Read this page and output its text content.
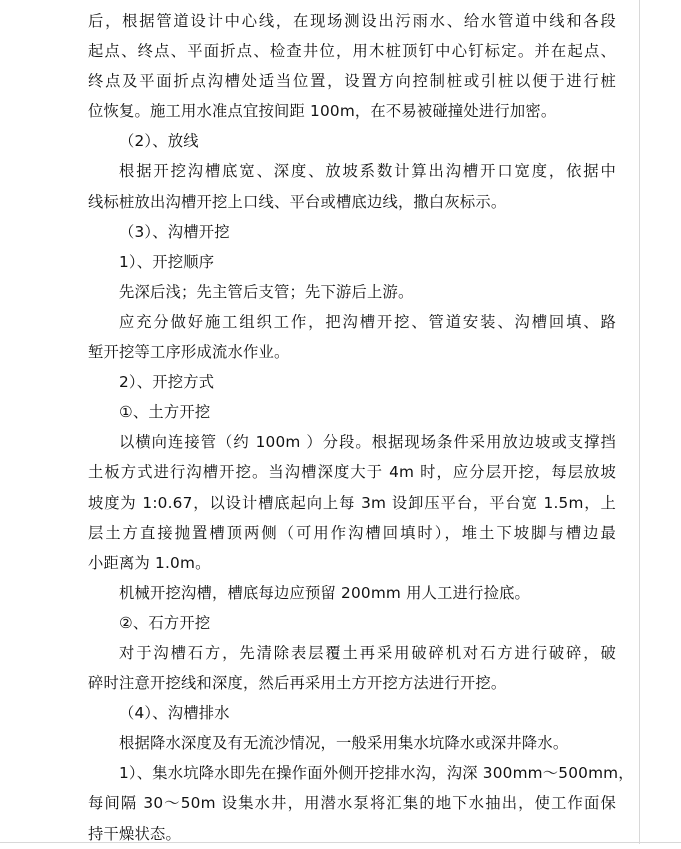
后，根据管道设计中心线，在现场测设出污雨水、给水管道中线和各段
起点、终点、平面折点、检查井位，用木桩顶钉中心钉标定。并在起点、
终点及平面折点沟槽处适当位置，设置方向控制桩或引桩以便于进行桩
位恢复。施工用水准点宜按间距 100m，在不易被碰撞处进行加密。
（2）、放线
根据开挖沟槽底宽、深度、放坡系数计算出沟槽开口宽度，依据中
线标桩放出沟槽开挖上口线、平台或槽底边线，撒白灰标示。
（3）、沟槽开挖
1）、开挖顺序
先深后浅；先主管后支管；先下游后上游。
应充分做好施工组织工作，把沟槽开挖、管道安装、沟槽回填、路
堑开挖等工序形成流水作业。
2）、开挖方式
①、土方开挖
以横向连接管（约 100m ）分段。根据现场条件采用放边坡或支撑挡
土板方式进行沟槽开挖。当沟槽深度大于 4m 时，应分层开挖，每层放坡
坡度为 1:0.67，以设计槽底起向上每 3m 设卸压平台，平台宽 1.5m，上
层土方直接抛置槽顶两侧（可用作沟槽回填时），堆土下坡脚与槽边最
小距离为 1.0m。
机械开挖沟槽，槽底每边应预留 200mm 用人工进行捡底。
②、石方开挖
对于沟槽石方，先清除表层覆土再采用破碎机对石方进行破碎，破
碎时注意开挖线和深度，然后再采用土方开挖方法进行开挖。
（4）、沟槽排水
根据降水深度及有无流沙情况，一般采用集水坑降水或深井降水。
1）、集水坑降水即先在操作面外侧开挖排水沟，沟深 300mm～500mm，
每间隔 30～50m 设集水井，用潜水泵将汇集的地下水抽出，使工作面保
持干燥状态。
